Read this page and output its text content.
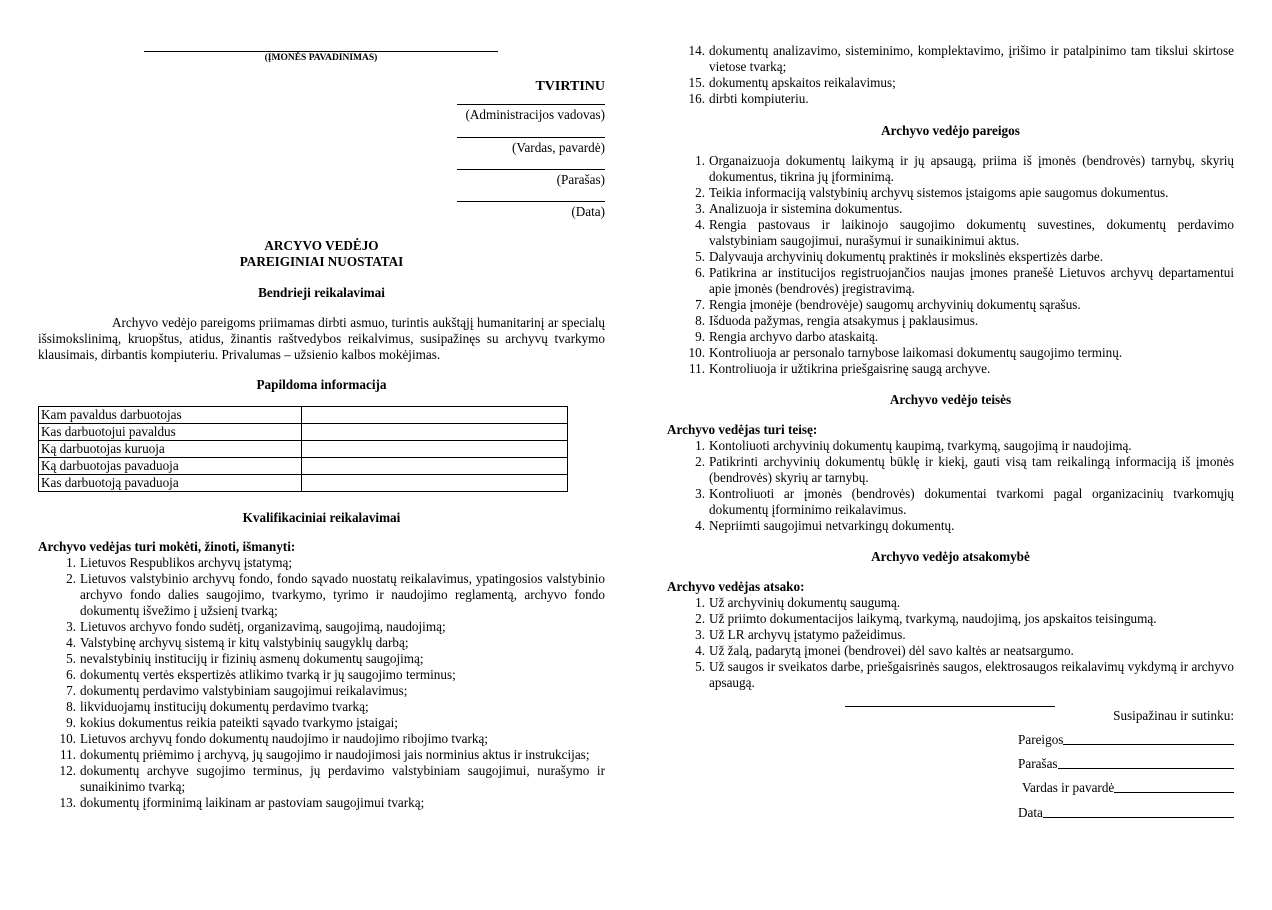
(ĮMONĖS PAVADINIMAS)
TVIRTINU
(Administracijos vadovas)
(Vardas, pavardė)
(Parašas)
(Data)
ARCYVO VEDĖJO
PAREIGINIAI NUOSTATAI
Bendrieji reikalavimai
Archyvo vedėjo pareigoms priimamas dirbti asmuo, turintis aukštąjį humanitarinį ar specialų išsimokslinimą, kruopštus, atidus, žinantis raštvedybos reikalvimus, susipažinęs su archyvų tvarkymo klausimais, dirbantis kompiuteriu. Privalumas – užsienio kalbos mokėjimas.
Papildoma informacija
Kam pavaldus darbuotojas	
Kas darbuotojui pavaldus	
Ką darbuotojas kuruoja	
Ką darbuotojas pavaduoja	
Kas darbuotoją pavaduoja	
Kvalifikaciniai reikalavimai
Archyvo vedėjas turi mokėti, žinoti, išmanyti:
1. Lietuvos Respublikos archyvų įstatymą;
2. Lietuvos valstybinio archyvų fondo, fondo sąvado nuostatų reikalavimus, ypatingosios valstybinio archyvo fondo dalies saugojimo, tvarkymo, tyrimo ir naudojimo reglamentą, archyvo fondo dokumentų išvežimo į užsienį tvarką;
3. Lietuvos archyvo fondo sudėtį, organizavimą, saugojimą, naudojimą;
4. Valstybinę archyvų sistemą ir kitų valstybinių saugyklų darbą;
5. nevalstybinių institucijų ir fizinių asmenų dokumentų saugojimą;
6. dokumentų vertės ekspertizės atlikimo tvarką ir jų saugojimo terminus;
7. dokumentų perdavimo valstybiniam saugojimui reikalavimus;
8. likviduojamų institucijų dokumentų perdavimo tvarką;
9. kokius dokumentus reikia pateikti sąvado tvarkymo įstaigai;
10. Lietuvos archyvų fondo dokumentų naudojimo ir naudojimo ribojimo tvarką;
11. dokumentų priėmimo į archyvą, jų saugojimo ir naudojimosi jais norminius aktus ir instrukcijas;
12. dokumentų archyve sugojimo terminus, jų perdavimo valstybiniam saugojimui, nurašymo ir sunaikinimo tvarką;
13. dokumentų įforminimą laikinam ar pastoviam saugojimui tvarką;
14. dokumentų analizavimo, sisteminimo, komplektavimo, įrišimo ir patalpinimo tam tikslui skirtose vietose tvarką;
15. dokumentų apskaitos reikalavimus;
16. dirbti kompiuteriu.
Archyvo vedėjo pareigos
1. Organaizuoja dokumentų laikymą ir jų apsaugą, priima iš įmonės (bendrovės) tarnybų, skyrių dokumentus, tikrina jų įforminimą.
2. Teikia informaciją valstybinių archyvų sistemos įstaigoms apie saugomus dokumentus.
3. Analizuoja ir sistemina dokumentus.
4. Rengia pastovaus ir laikinojo saugojimo dokumentų suvestines, dokumentų perdavimo valstybiniam saugojimui, nurašymui ir sunaikinimui aktus.
5. Dalyvauja archyvinių dokumentų praktinės ir mokslinės ekspertizės darbe.
6. Patikrina ar institucijos registruojančios naujas įmones pranešė Lietuvos archyvų departamentui apie įmonės (bendrovės) įregistravimą.
7. Rengia įmonėje (bendrovėje) saugomų archyvinių dokumentų sąrašus.
8. Išduoda pažymas, rengia atsakymus į paklausimus.
9. Rengia archyvo darbo ataskaitą.
10. Kontroliuoja ar personalo tarnybose laikomasi dokumentų saugojimo terminų.
11. Kontroliuoja ir užtikrina priešgaisrinę saugą archyve.
Archyvo vedėjo teisės
Archyvo vedėjas turi teisę:
1. Kontoliuoti archyvinių dokumentų kaupimą, tvarkymą, saugojimą ir naudojimą.
2. Patikrinti archyvinių dokumentų būklę ir kiekį, gauti visą tam reikalingą informaciją iš įmonės (bendrovės) skyrių ar tarnybų.
3. Kontroliuoti ar įmonės (bendrovės) dokumentai tvarkomi pagal organizacinių tvarkomųjų dokumentų įforminimo reikalavimus.
4. Nepriimti saugojimui netvarkingų dokumentų.
Archyvo vedėjo atsakomybė
Archyvo vedėjas atsako:
1. Už archyvinių dokumentų saugumą.
2. Už priimto dokumentacijos laikymą, tvarkymą, naudojimą, jos apskaitos teisingumą.
3. Už LR archyvų įstatymo pažeidimus.
4. Už žalą, padarytą įmonei (bendrovei) dėl savo kaltės ar neatsargumo.
5. Už saugos ir sveikatos darbe, priešgaisrinės saugos, elektrosaugos reikalavimų vykdymą ir archyvo apsaugą.
Susipažinau ir sutinku:
Pareigos
Parašas
Vardas ir pavardė
Data
